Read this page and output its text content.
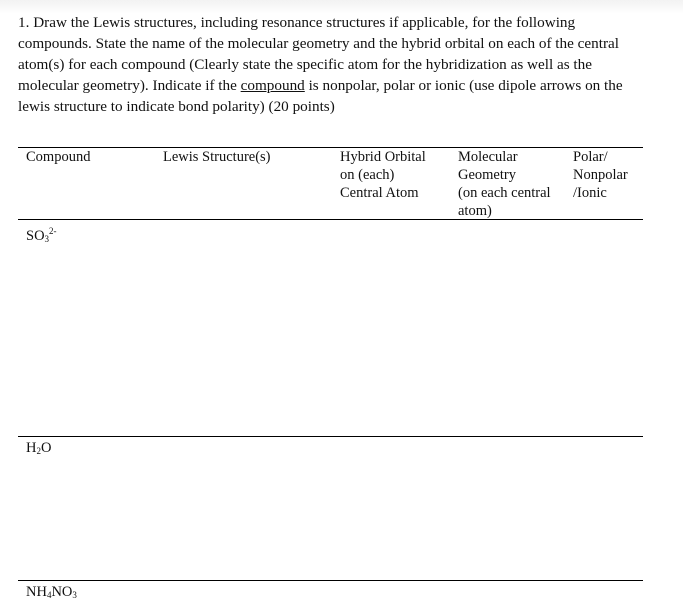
1. Draw the Lewis structures, including resonance structures if applicable, for the following compounds. State the name of the molecular geometry and the hybrid orbital on each of the central atom(s) for each compound (Clearly state the specific atom for the hybridization as well as the molecular geometry). Indicate if the compound is nonpolar, polar or ionic (use dipole arrows on the lewis structure to indicate bond polarity) (20 points)
Compound	Lewis Structure(s)	Hybrid Orbital
on (each)
Central Atom
Molecular
Geometry
(on each central
atom)
Polar/
Nonpolar
/Ionic
$SO_3^{2-}$
$H_2O$
$NH_4NO_3$
